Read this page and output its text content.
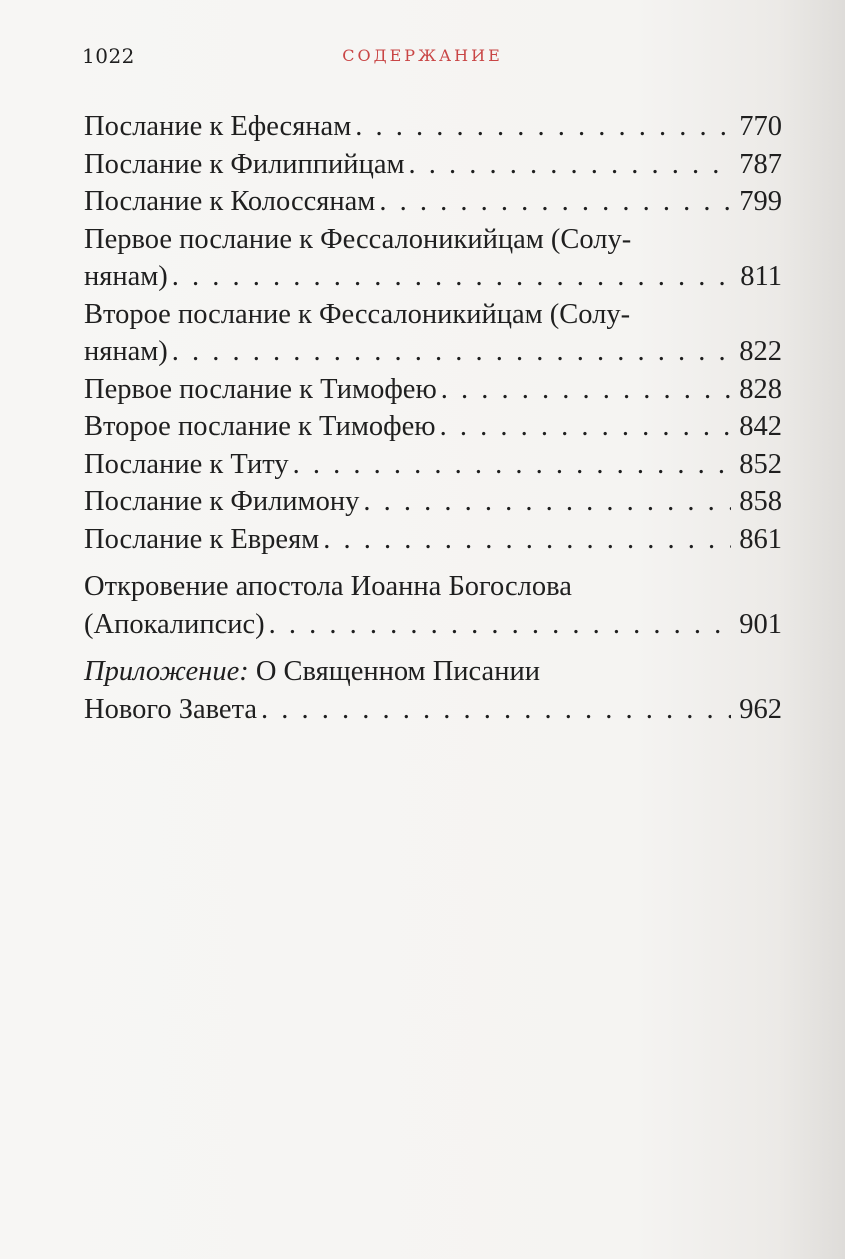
1022	СОДЕРЖАНИЕ
Послание к Ефесянам . . .	770
Послание к Филиппийцам . . .	787
Послание к Колоссянам . . .	799
Первое послание к Фессалоникийцам (Солу-
нянам) . . .	811
Второе послание к Фессалоникийцам (Солу-
нянам) . . .	822
Первое послание к Тимофею . . .	828
Второе послание к Тимофею . . .	842
Послание к Титу . . .	852
Послание к Филимону . . .	858
Послание к Евреям . . .	861
Откровение апостола Иоанна Богослова
(Апокалипсис) . . .	901
Приложение:
О Священном Писании
Нового Завета . . .	962
